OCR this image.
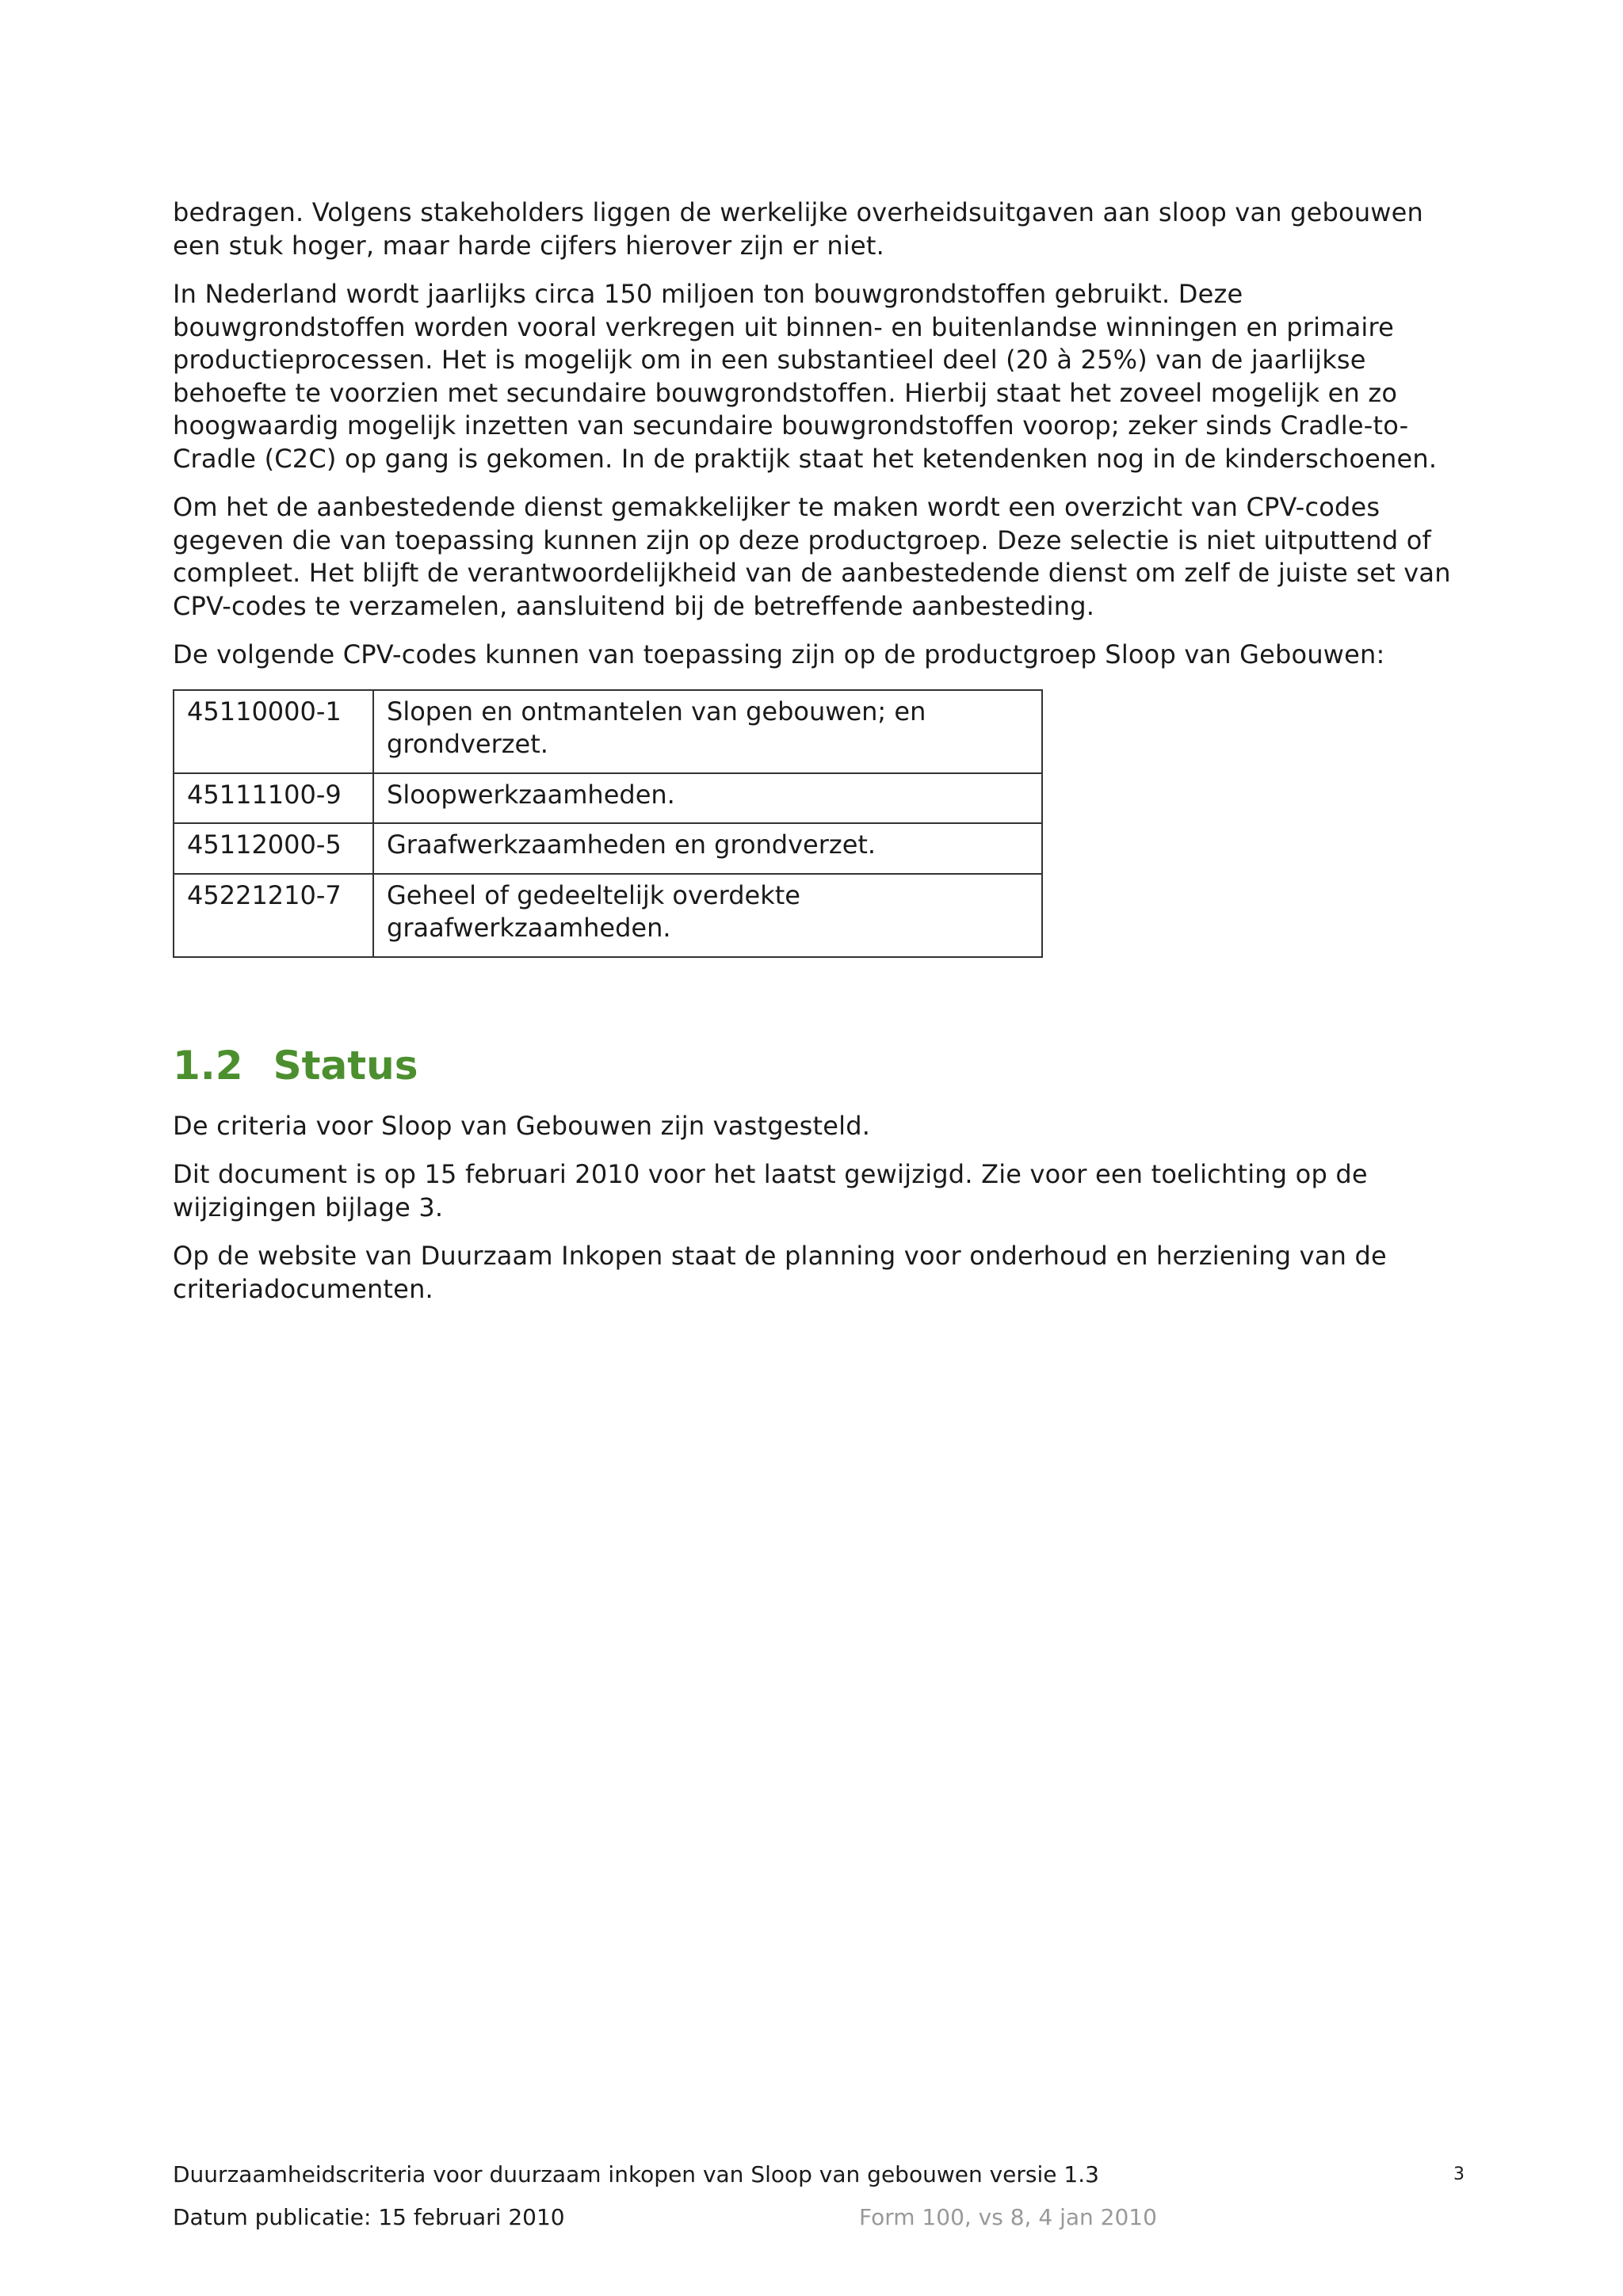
bedragen. Volgens stakeholders liggen de werkelijke overheidsuitgaven aan sloop van gebouwen een stuk hoger, maar harde cijfers hierover zijn er niet.

In Nederland wordt jaarlijks circa 150 miljoen ton bouwgrondstoffen gebruikt. Deze bouwgrondstoffen worden vooral verkregen uit binnen- en buitenlandse winningen en primaire productieprocessen. Het is mogelijk om in een substantieel deel (20 à 25%) van de jaarlijkse behoefte te voorzien met secundaire bouwgrondstoffen. Hierbij staat het zoveel mogelijk en zo hoogwaardig mogelijk inzetten van secundaire bouwgrondstoffen voorop; zeker sinds Cradle-to-Cradle (C2C) op gang is gekomen. In de praktijk staat het ketendenken nog in de kinderschoenen.

Om het de aanbestedende dienst gemakkelijker te maken wordt een overzicht van CPV-codes gegeven die van toepassing kunnen zijn op deze productgroep. Deze selectie is niet uitputtend of compleet. Het blijft de verantwoordelijkheid van de aanbestedende dienst om zelf de juiste set van CPV-codes te verzamelen, aansluitend bij de betreffende aanbesteding.

De volgende CPV-codes kunnen van toepassing zijn op de productgroep Sloop van Gebouwen:

45110000-1	Slopen en ontmantelen van gebouwen; en grondverzet.
45111100-9	Sloopwerkzaamheden.
45112000-5	Graafwerkzaamheden en grondverzet.
45221210-7	Geheel of gedeeltelijk overdekte graafwerkzaamheden.
1.2 Status

De criteria voor Sloop van Gebouwen zijn vastgesteld.

Dit document is op 15 februari 2010 voor het laatst gewijzigd. Zie voor een toelichting op de wijzigingen bijlage 3.

Op de website van Duurzaam Inkopen staat de planning voor onderhoud en herziening van de criteriadocumenten.

Duurzaamheidscriteria voor duurzaam inkopen van Sloop van gebouwen versie 1.3	3
Datum publicatie: 15 februari 2010	Form 100, vs 8, 4 jan 2010
